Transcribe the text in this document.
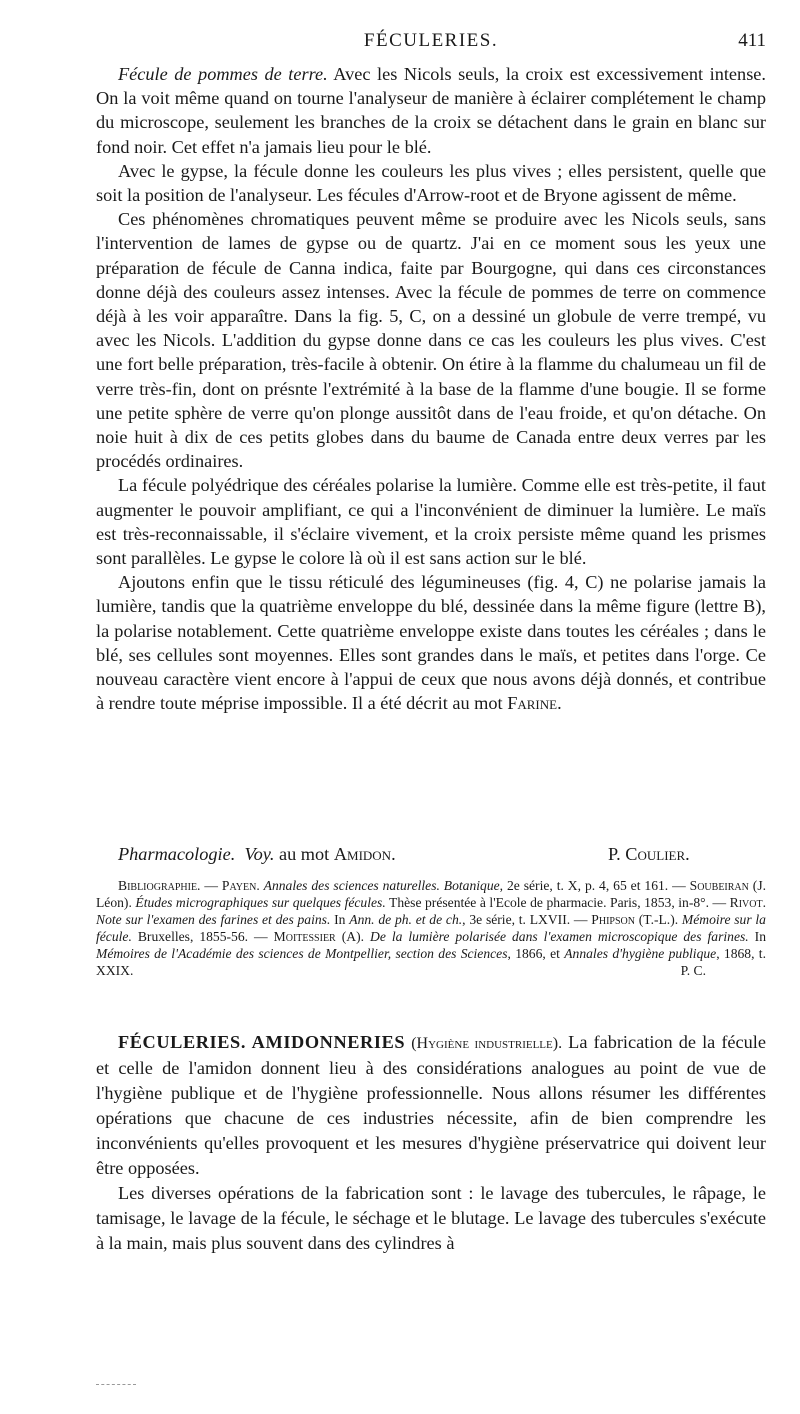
FÉCULERIES.	411

Fécule de pommes de terre. Avec les Nicols seuls, la croix est excessivement intense. On la voit même quand on tourne l'analyseur de manière à éclairer complétement le champ du microscope, seulement les branches de la croix se détachent dans le grain en blanc sur fond noir. Cet effet n'a jamais lieu pour le blé.

Avec le gypse, la fécule donne les couleurs les plus vives ; elles persistent, quelle que soit la position de l'analyseur. Les fécules d'Arrow-root et de Bryone agissent de même.

Ces phénomènes chromatiques peuvent même se produire avec les Nicols seuls, sans l'intervention de lames de gypse ou de quartz. J'ai en ce moment sous les yeux une préparation de fécule de Canna indica, faite par Bourgogne, qui dans ces circonstances donne déjà des couleurs assez intenses. Avec la fécule de pommes de terre on commence déjà à les voir apparaître. Dans la fig. 5, C, on a dessiné un globule de verre trempé, vu avec les Nicols. L'addition du gypse donne dans ce cas les couleurs les plus vives. C'est une fort belle préparation, très-facile à obtenir. On étire à la flamme du chalumeau un fil de verre très-fin, dont on présnte l'extrémité à la base de la flamme d'une bougie. Il se forme une petite sphère de verre qu'on plonge aussitôt dans de l'eau froide, et qu'on détache. On noie huit à dix de ces petits globes dans du baume de Canada entre deux verres par les procédés ordinaires.

La fécule polyédrique des céréales polarise la lumière. Comme elle est très-petite, il faut augmenter le pouvoir amplifiant, ce qui a l'inconvénient de diminuer la lumière. Le maïs est très-reconnaissable, il s'éclaire vivement, et la croix persiste même quand les prismes sont parallèles. Le gypse le colore là où il est sans action sur le blé.

Ajoutons enfin que le tissu réticulé des légumineuses (fig. 4, C) ne polarise jamais la lumière, tandis que la quatrième enveloppe du blé, dessinée dans la même figure (lettre B), la polarise notablement. Cette quatrième enveloppe existe dans toutes les céréales ; dans le blé, ses cellules sont moyennes. Elles sont grandes dans le maïs, et petites dans l'orge. Ce nouveau caractère vient encore à l'appui de ceux que nous avons déjà donnés, et contribue à rendre toute méprise impossible. Il a été décrit au mot Farine.

Pharmacologie. Voy. au mot Amidon.	P. Coulier.

Bibliographie. — Payen. Annales des sciences naturelles. Botanique, 2e série, t. X, p. 4, 65 et 161. — Soubeiran (J. Léon). Études micrographiques sur quelques fécules. Thèse présentée à l'Ecole de pharmacie. Paris, 1853, in-8°. — Rivot. Note sur l'examen des farines et des pains. In Ann. de ph. et de ch., 3e série, t. LXVII. — Phipson (T.-L.). Mémoire sur la fécule. Bruxelles, 1855-56. — Moitessier (A). De la lumière polarisée dans l'examen microscopique des farines. In Mémoires de l'Académie des sciences de Montpellier, section des Sciences, 1866, et Annales d'hygiène publique, 1868, t. XXIX.	P. C.

FÉCULERIES. AMIDONNERIES (Hygiène industrielle). La fabrication de la fécule et celle de l'amidon donnent lieu à des considérations analogues au point de vue de l'hygiène publique et de l'hygiène professionnelle. Nous allons résumer les différentes opérations que chacune de ces industries nécessite, afin de bien comprendre les inconvénients qu'elles provoquent et les mesures d'hygiène préservatrice qui doivent leur être opposées.

Les diverses opérations de la fabrication sont : le lavage des tubercules, le râpage, le tamisage, le lavage de la fécule, le séchage et le blutage. Le lavage des tubercules s'exécute à la main, mais plus souvent dans des cylindres à
